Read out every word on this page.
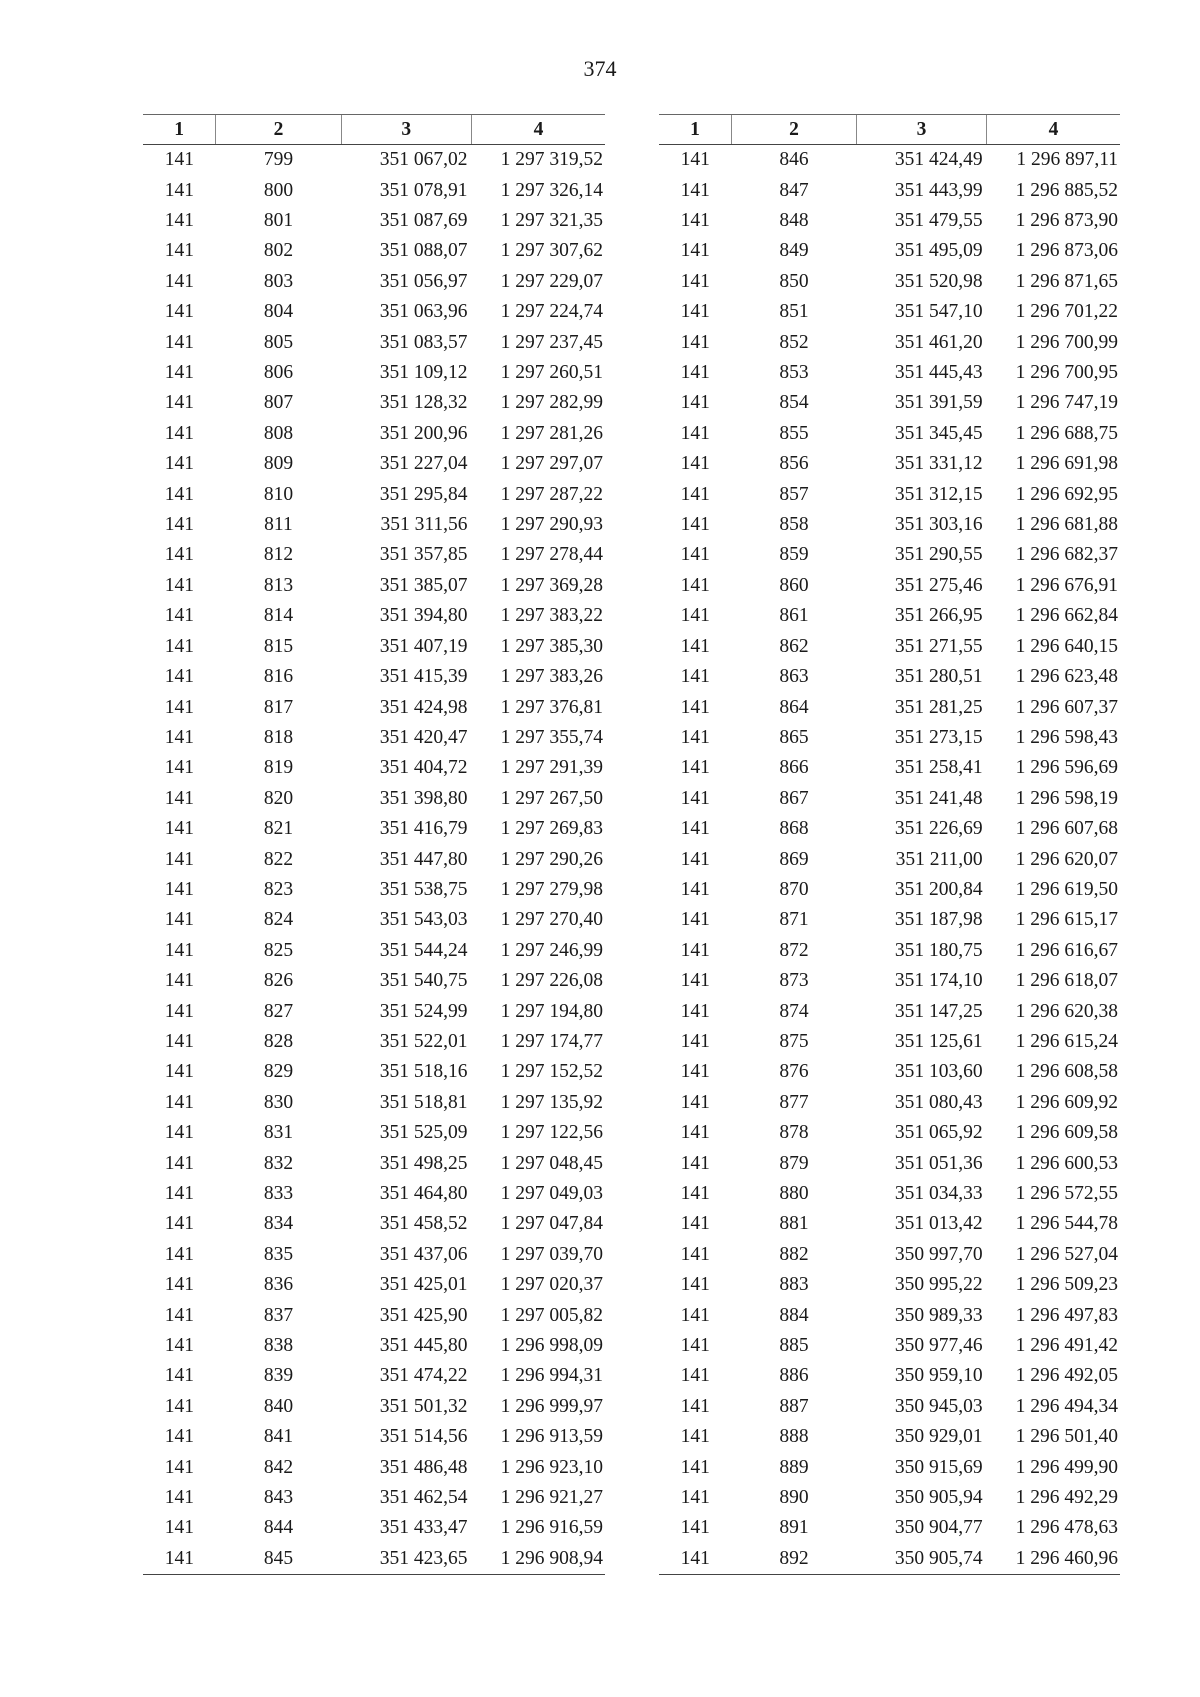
374
1	2	3	4
141	799	351 067,02	1 297 319,52
141	800	351 078,91	1 297 326,14
141	801	351 087,69	1 297 321,35
141	802	351 088,07	1 297 307,62
141	803	351 056,97	1 297 229,07
141	804	351 063,96	1 297 224,74
141	805	351 083,57	1 297 237,45
141	806	351 109,12	1 297 260,51
141	807	351 128,32	1 297 282,99
141	808	351 200,96	1 297 281,26
141	809	351 227,04	1 297 297,07
141	810	351 295,84	1 297 287,22
141	811	351 311,56	1 297 290,93
141	812	351 357,85	1 297 278,44
141	813	351 385,07	1 297 369,28
141	814	351 394,80	1 297 383,22
141	815	351 407,19	1 297 385,30
141	816	351 415,39	1 297 383,26
141	817	351 424,98	1 297 376,81
141	818	351 420,47	1 297 355,74
141	819	351 404,72	1 297 291,39
141	820	351 398,80	1 297 267,50
141	821	351 416,79	1 297 269,83
141	822	351 447,80	1 297 290,26
141	823	351 538,75	1 297 279,98
141	824	351 543,03	1 297 270,40
141	825	351 544,24	1 297 246,99
141	826	351 540,75	1 297 226,08
141	827	351 524,99	1 297 194,80
141	828	351 522,01	1 297 174,77
141	829	351 518,16	1 297 152,52
141	830	351 518,81	1 297 135,92
141	831	351 525,09	1 297 122,56
141	832	351 498,25	1 297 048,45
141	833	351 464,80	1 297 049,03
141	834	351 458,52	1 297 047,84
141	835	351 437,06	1 297 039,70
141	836	351 425,01	1 297 020,37
141	837	351 425,90	1 297 005,82
141	838	351 445,80	1 296 998,09
141	839	351 474,22	1 296 994,31
141	840	351 501,32	1 296 999,97
141	841	351 514,56	1 296 913,59
141	842	351 486,48	1 296 923,10
141	843	351 462,54	1 296 921,27
141	844	351 433,47	1 296 916,59
141	845	351 423,65	1 296 908,94
1	2	3	4
141	846	351 424,49	1 296 897,11
141	847	351 443,99	1 296 885,52
141	848	351 479,55	1 296 873,90
141	849	351 495,09	1 296 873,06
141	850	351 520,98	1 296 871,65
141	851	351 547,10	1 296 701,22
141	852	351 461,20	1 296 700,99
141	853	351 445,43	1 296 700,95
141	854	351 391,59	1 296 747,19
141	855	351 345,45	1 296 688,75
141	856	351 331,12	1 296 691,98
141	857	351 312,15	1 296 692,95
141	858	351 303,16	1 296 681,88
141	859	351 290,55	1 296 682,37
141	860	351 275,46	1 296 676,91
141	861	351 266,95	1 296 662,84
141	862	351 271,55	1 296 640,15
141	863	351 280,51	1 296 623,48
141	864	351 281,25	1 296 607,37
141	865	351 273,15	1 296 598,43
141	866	351 258,41	1 296 596,69
141	867	351 241,48	1 296 598,19
141	868	351 226,69	1 296 607,68
141	869	351 211,00	1 296 620,07
141	870	351 200,84	1 296 619,50
141	871	351 187,98	1 296 615,17
141	872	351 180,75	1 296 616,67
141	873	351 174,10	1 296 618,07
141	874	351 147,25	1 296 620,38
141	875	351 125,61	1 296 615,24
141	876	351 103,60	1 296 608,58
141	877	351 080,43	1 296 609,92
141	878	351 065,92	1 296 609,58
141	879	351 051,36	1 296 600,53
141	880	351 034,33	1 296 572,55
141	881	351 013,42	1 296 544,78
141	882	350 997,70	1 296 527,04
141	883	350 995,22	1 296 509,23
141	884	350 989,33	1 296 497,83
141	885	350 977,46	1 296 491,42
141	886	350 959,10	1 296 492,05
141	887	350 945,03	1 296 494,34
141	888	350 929,01	1 296 501,40
141	889	350 915,69	1 296 499,90
141	890	350 905,94	1 296 492,29
141	891	350 904,77	1 296 478,63
141	892	350 905,74	1 296 460,96
